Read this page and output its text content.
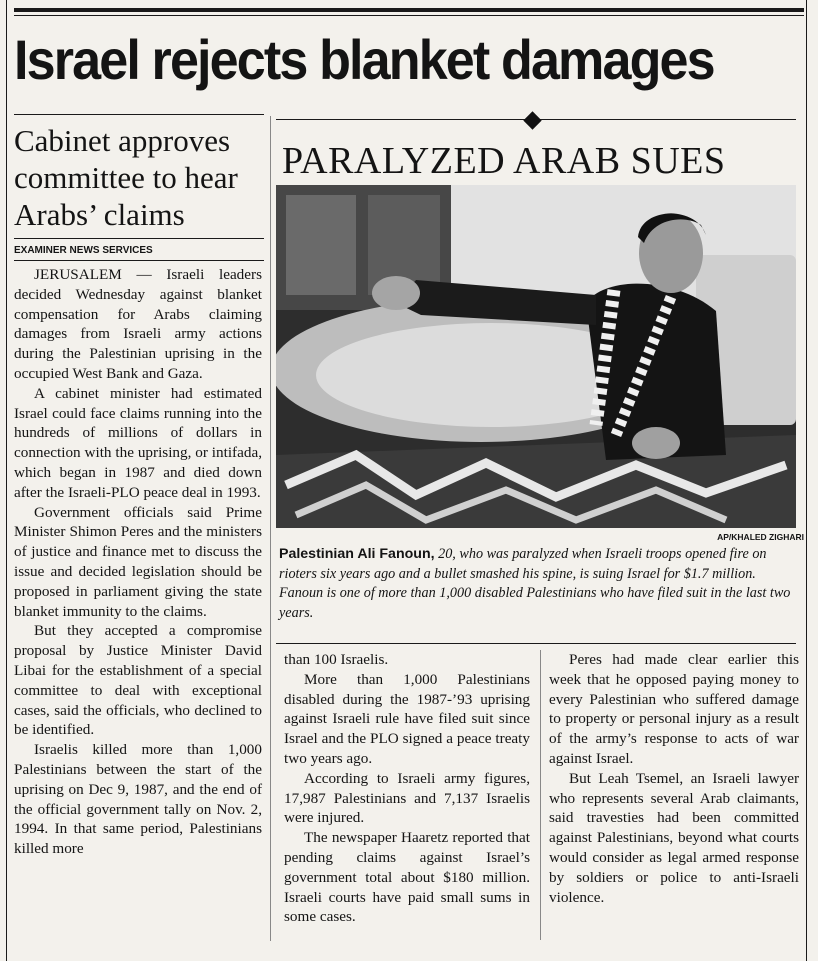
Israel rejects blanket damages
Cabinet approves committee to hear Arabs’ claims
EXAMINER NEWS SERVICES

JERUSALEM — Israeli leaders decided Wednesday against blanket compensation for Arabs claiming damages from Israeli army actions during the Palestinian uprising in the occupied West Bank and Gaza.

A cabinet minister had estimated Israel could face claims running into the hundreds of millions of dollars in connection with the uprising, or intifada, which began in 1987 and died down after the Israeli-PLO peace deal in 1993.

Government officials said Prime Minister Shimon Peres and the ministers of justice and finance met to discuss the issue and decided legislation should be proposed in parliament giving the state blanket immunity to the claims.

But they accepted a compromise proposal by Justice Minister David Libai for the establishment of a special committee to deal with exceptional cases, said the officials, who declined to be identified.

Israelis killed more than 1,000 Palestinians between the start of the uprising on Dec 9, 1987, and the end of the official government tally on Nov. 2, 1994. In that same period, Palestinians killed more

PARALYZED ARAB SUES
AP/KHALED ZIGHARI
Palestinian Ali Fanoun, 20, who was paralyzed when Israeli troops opened fire on rioters six years ago and a bullet smashed his spine, is suing Israel for $1.7 million. Fanoun is one of more than 1,000 disabled Palestinians who have filed suit in the last two years.

than 100 Israelis.

More than 1,000 Palestinians disabled during the 1987-’93 uprising against Israeli rule have filed suit since Israel and the PLO signed a peace treaty two years ago.

According to Israeli army figures, 17,987 Palestinians and 7,137 Israelis were injured.

The newspaper Haaretz reported that pending claims against Israel’s government total about $180 million. Israeli courts have paid small sums in some cases.

Peres had made clear earlier this week that he opposed paying money to every Palestinian who suffered damage to property or personal injury as a result of the army’s response to acts of war against Israel.

But Leah Tsemel, an Israeli lawyer who represents several Arab claimants, said travesties had been committed against Palestinians, beyond what courts would consider as legal armed response by soldiers or police to anti-Israeli violence.
